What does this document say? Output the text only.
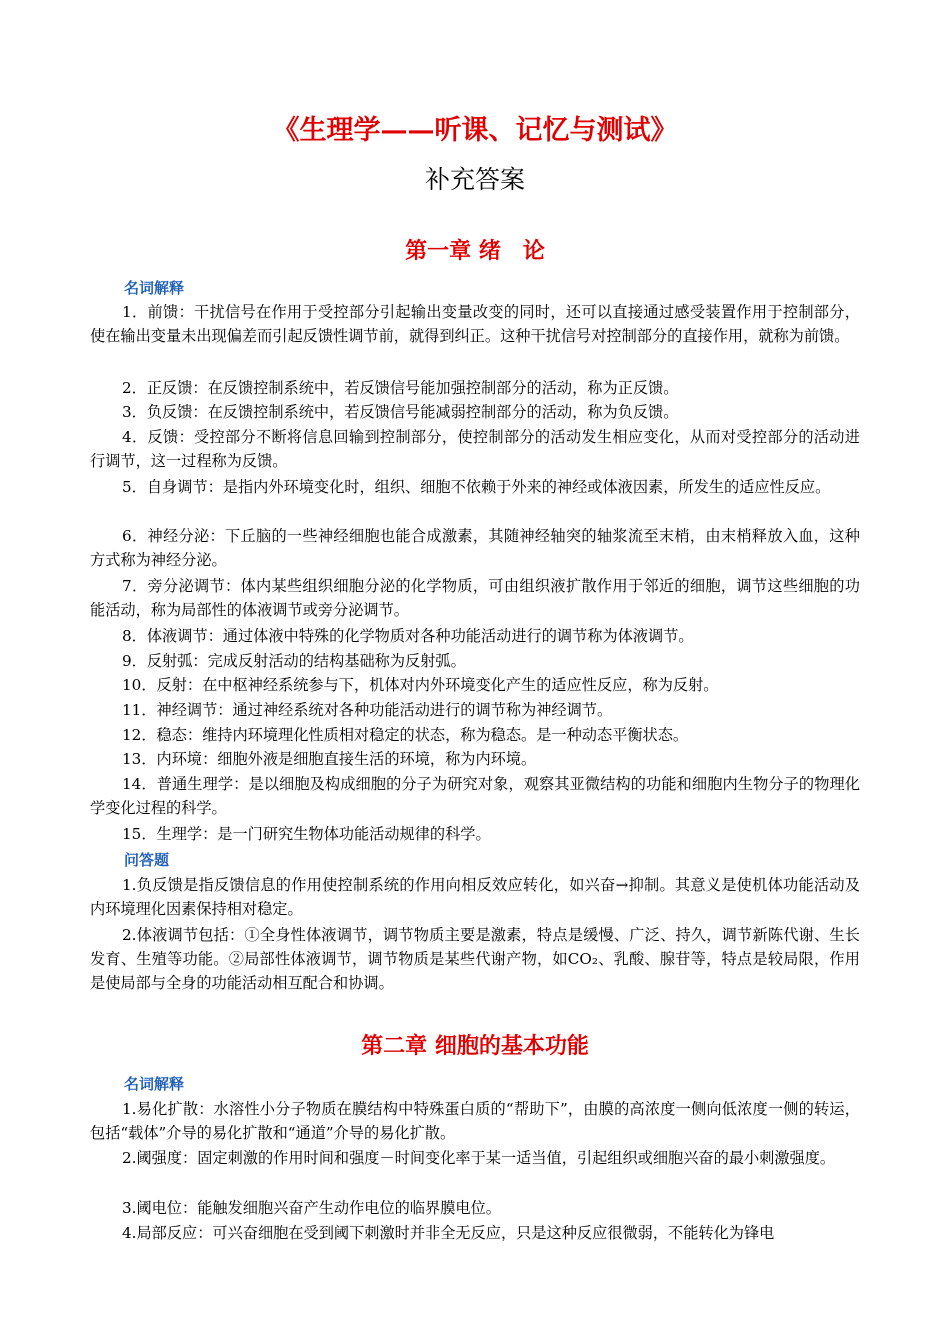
《生理学——听课、记忆与测试》
补充答案
第一章 绪　论
名词解释

1．前馈：干扰信号在作用于受控部分引起输出变量改变的同时，还可以直接通过感受装置作用于控制部分，使在输出变量未出现偏差而引起反馈性调节前，就得到纠正。这种干扰信号对控制部分的直接作用，就称为前馈。

2．正反馈：在反馈控制系统中，若反馈信号能加强控制部分的活动，称为正反馈。

3．负反馈：在反馈控制系统中，若反馈信号能减弱控制部分的活动，称为负反馈。

4．反馈：受控部分不断将信息回输到控制部分，使控制部分的活动发生相应变化，从而对受控部分的活动进行调节，这一过程称为反馈。

5．自身调节：是指内外环境变化时，组织、细胞不依赖于外来的神经或体液因素，所发生的适应性反应。

6．神经分泌：下丘脑的一些神经细胞也能合成激素，其随神经轴突的轴浆流至末梢，由末梢释放入血，这种方式称为神经分泌。

7．旁分泌调节：体内某些组织细胞分泌的化学物质，可由组织液扩散作用于邻近的细胞，调节这些细胞的功能活动，称为局部性的体液调节或旁分泌调节。

8．体液调节：通过体液中特殊的化学物质对各种功能活动进行的调节称为体液调节。

9．反射弧：完成反射活动的结构基础称为反射弧。

10．反射：在中枢神经系统参与下，机体对内外环境变化产生的适应性反应，称为反射。

11．神经调节：通过神经系统对各种功能活动进行的调节称为神经调节。

12．稳态：维持内环境理化性质相对稳定的状态，称为稳态。是一种动态平衡状态。

13．内环境：细胞外液是细胞直接生活的环境，称为内环境。

14．普通生理学：是以细胞及构成细胞的分子为研究对象，观察其亚微结构的功能和细胞内生物分子的物理化学变化过程的科学。

15．生理学：是一门研究生物体功能活动规律的科学。

问答题

1.负反馈是指反馈信息的作用使控制系统的作用向相反效应转化，如兴奋→抑制。其意义是使机体功能活动及内环境理化因素保持相对稳定。

2.体液调节包括：①全身性体液调节，调节物质主要是激素，特点是缓慢、广泛、持久，调节新陈代谢、生长发育、生殖等功能。②局部性体液调节，调节物质是某些代谢产物，如CO₂、乳酸、腺苷等，特点是较局限，作用是使局部与全身的功能活动相互配合和协调。

第二章 细胞的基本功能
名词解释

1.易化扩散：水溶性小分子物质在膜结构中特殊蛋白质的“帮助下”，由膜的高浓度一侧向低浓度一侧的转运，包括“载体”介导的易化扩散和“通道”介导的易化扩散。

2.阈强度：固定刺激的作用时间和强度－时间变化率于某一适当值，引起组织或细胞兴奋的最小刺激强度。

3.阈电位：能触发细胞兴奋产生动作电位的临界膜电位。

4.局部反应：可兴奋细胞在受到阈下刺激时并非全无反应，只是这种反应很微弱，不能转化为锋电
